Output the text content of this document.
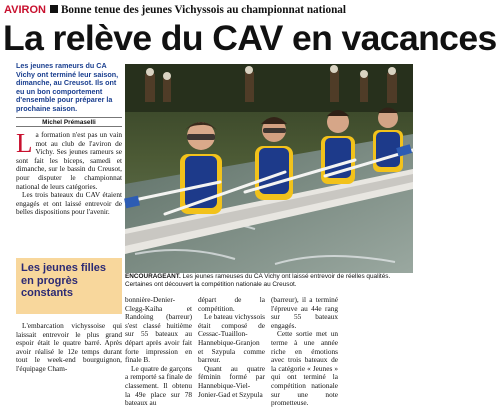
AVIRON Bonne tenue des jeunes Vichyssois au championnat national
La relève du CAV en vacances
Les jeunes rameurs du CA Vichy ont terminé leur saison, dimanche, au Creusot. Ils ont eu un bon comportement d'ensemble pour préparer la prochaine saison.
Michel Prémaselli

La formation n'est pas un vain mot au club de l'aviron de Vichy. Ses jeunes rameurs se sont fait les biceps, samedi et dimanche, sur le bassin du Creusot, pour disputer le championnat national de leurs catégories.

Les trois bateaux du CAV étaient engagés et ont laissé entrevoir de belles dispositions pour l'avenir.

Les jeunes filles en progrès constants
L'embarcation vichyssoise qui laissait entrevoir le plus grand espoir était le quatre barré. Après avoir réalisé le 12e temps durant tout le week-end bourguignon, l'équipage Cham-
ENCOURAGEANT. Les jeunes rameuses du CA Vichy ont laissé entrevoir de réelles qualités. Certaines ont découvert la compétition nationale au Creusot.

bonnière-Denier-Clegg-Kaiha et Randoing (barreur) s'est classé huitième sur 55 bateaux au départ après avoir fait forte impression en finale B.

Le quatre de garçons a remporté sa finale de classement. Il obtenu la 49e place sur 78 bateaux au

départ de la compétition.

Le bateau vichyssois était composé de Cessac-Tuaillon-Hannebique-Granjon et Szypula comme barreur.

Quant au quatre féminin formé par Hannebique-Viel-Jonier-Gad et Szypula

(barreur), il a terminé l'épreuve au 44e rang sur 55 bateaux engagés.

Cette sortie met un terme à une année riche en émotions avec trois bateaux de la catégorie « Jeunes » qui ont terminé la compétition nationale sur une note prometteuse.
